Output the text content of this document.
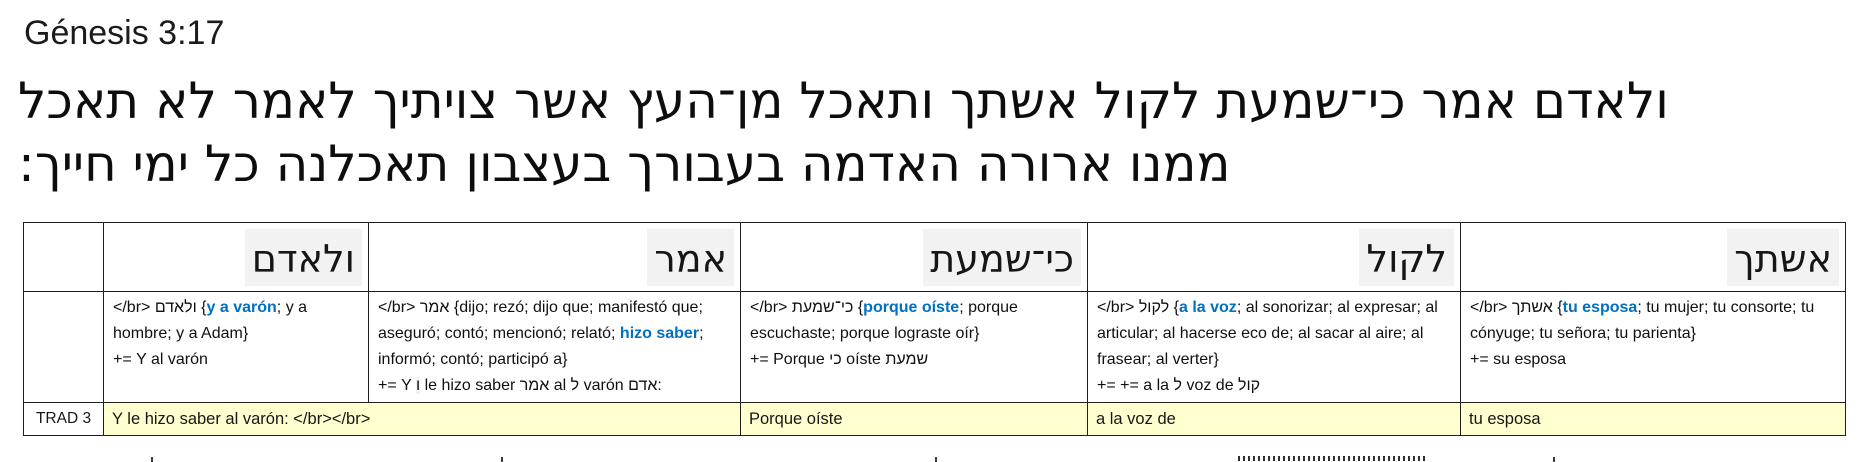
Génesis 3:17
ולאדם אמר כי־שמעת לקול אשתך ותאכל מן־העץ אשר צויתיך לאמר לא תאכל
ממנו ארורה האדמה בעבורך בעצבון תאכלנה כל ימי חייך:
	ולאדם	אמר	כי־שמעת	לקול	אשתך
	</br> ולאדם {y a varón; y a hombre; y a Adam}
+= Y al varón	</br> אמר {dijo; rezó; dijo que; manifestó que; aseguró; contó; mencionó; relató; hizo saber; informó; contó; participó a}
+= Y ו le hizo saber אמר al ל varón אדם:	</br> כי־שמעת {porque oíste; porque escuchaste; porque lograste oír}
+= Porque כי oíste שמעת	</br> לקול {a la voz; al sonorizar; al expresar; al articular; al hacerse eco de; al sacar al aire; al frasear; al verter}
+= += a la ל voz de קול	</br> אשתך {tu esposa; tu mujer; tu consorte; tu cónyuge; tu señora; tu parienta}
+= su esposa
TRAD 3	Y le hizo saber al varón: </br></br>		Porque oíste	a la voz de	tu esposa
